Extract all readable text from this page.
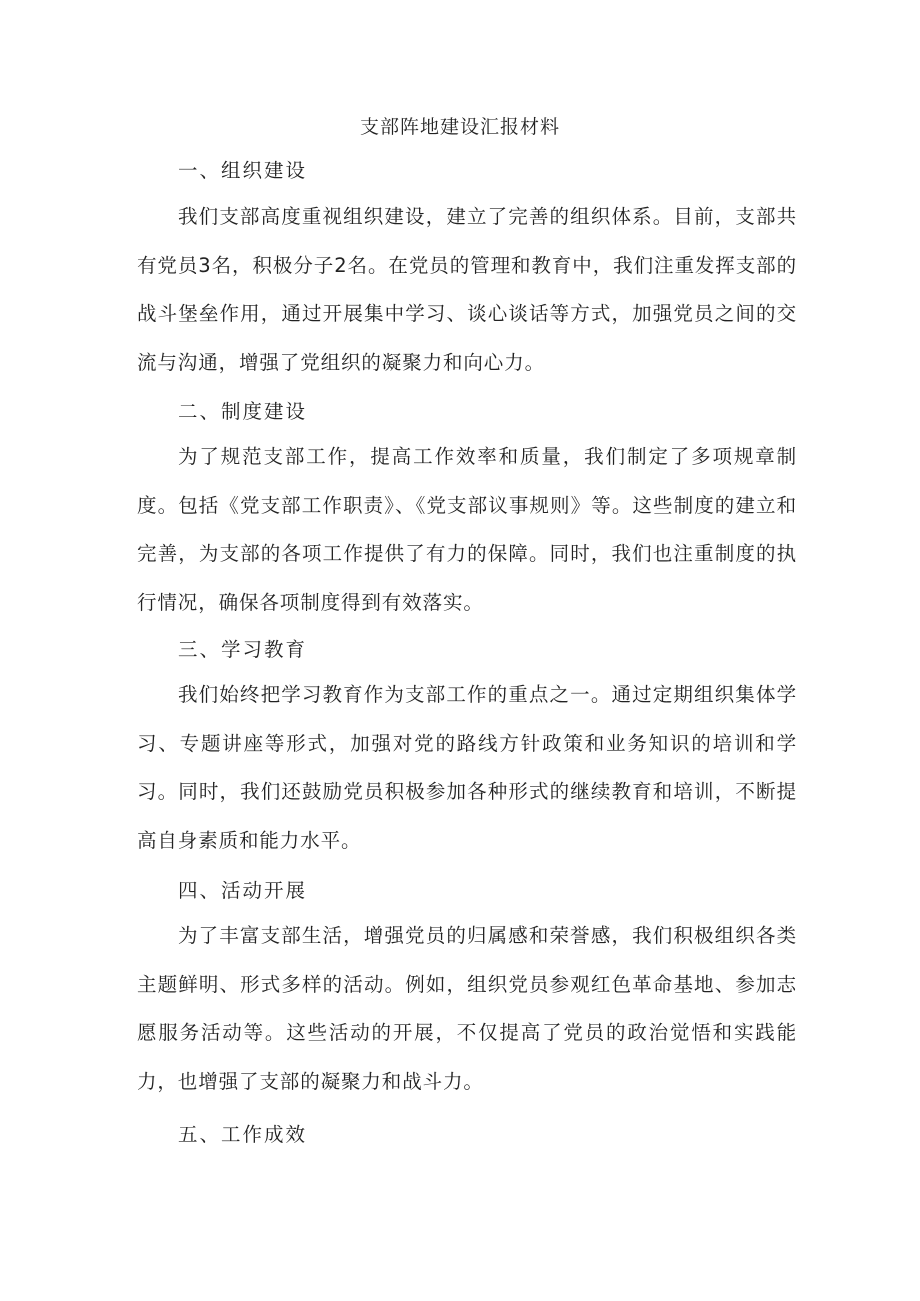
支部阵地建设汇报材料
一、组织建设

我们支部高度重视组织建设，建立了完善的组织体系。目前，支部共有党员3名，积极分子2名。在党员的管理和教育中，我们注重发挥支部的战斗堡垒作用，通过开展集中学习、谈心谈话等方式，加强党员之间的交流与沟通，增强了党组织的凝聚力和向心力。

二、制度建设

为了规范支部工作，提高工作效率和质量，我们制定了多项规章制度。包括《党支部工作职责》、《党支部议事规则》等。这些制度的建立和完善，为支部的各项工作提供了有力的保障。同时，我们也注重制度的执行情况，确保各项制度得到有效落实。

三、学习教育

我们始终把学习教育作为支部工作的重点之一。通过定期组织集体学习、专题讲座等形式，加强对党的路线方针政策和业务知识的培训和学习。同时，我们还鼓励党员积极参加各种形式的继续教育和培训，不断提高自身素质和能力水平。

四、活动开展

为了丰富支部生活，增强党员的归属感和荣誉感，我们积极组织各类主题鲜明、形式多样的活动。例如，组织党员参观红色革命基地、参加志愿服务活动等。这些活动的开展，不仅提高了党员的政治觉悟和实践能力，也增强了支部的凝聚力和战斗力。

五、工作成效
